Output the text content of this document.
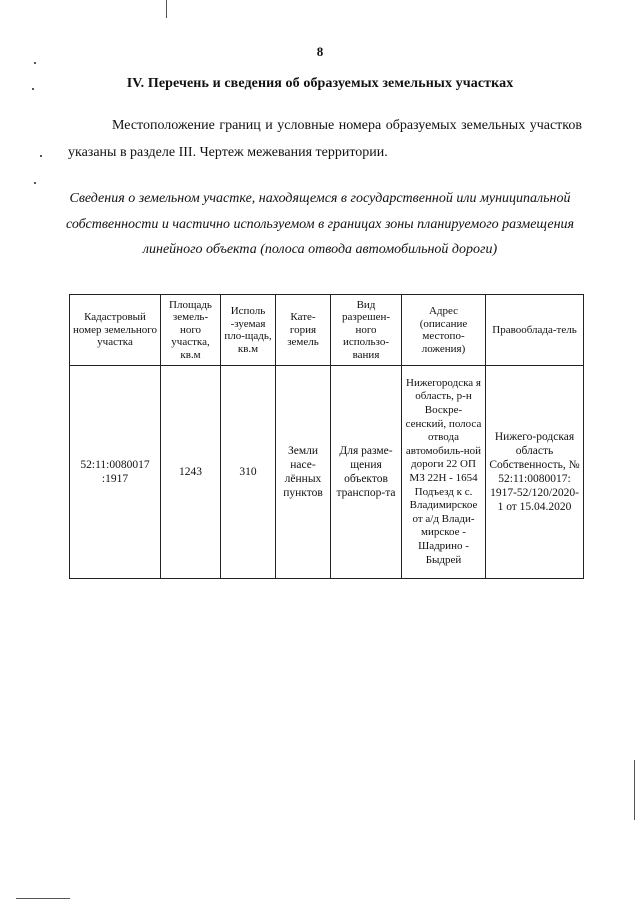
8
IV. Перечень и сведения об образуемых земельных участках
Местоположение границ и условные номера образуемых земельных участков указаны в разделе III. Чертеж межевания территории.
Сведения о земельном участке, находящемся в государственной или муниципальной собственности и частично используемом в границах зоны планируемого размещения линейного объекта (полоса отвода автомобильной дороги)
Кадастровый номер земельного участка	Площадь земель-ного участка, кв.м	Исполь -зуемая пло-щадь, кв.м	Кате-гория земель	Вид разрешен-ного использо-вания	Адрес (описание местопо-ложения)	Правооблада-тель
52:11:0080017 :1917	1243	310	Земли насе-лённых пунктов	Для разме-щения объектов транспор-та	Нижегородска я область, р-н Воскре-сенский, полоса отвода автомобиль-ной дороги 22 ОП МЗ 22Н - 1654 Подъезд к с. Владимирское от а/д Влади-мирское - Шадрино - Быдрей	Нижего-родская область Собственность, № 52:11:0080017: 1917-52/120/2020-1 от 15.04.2020
